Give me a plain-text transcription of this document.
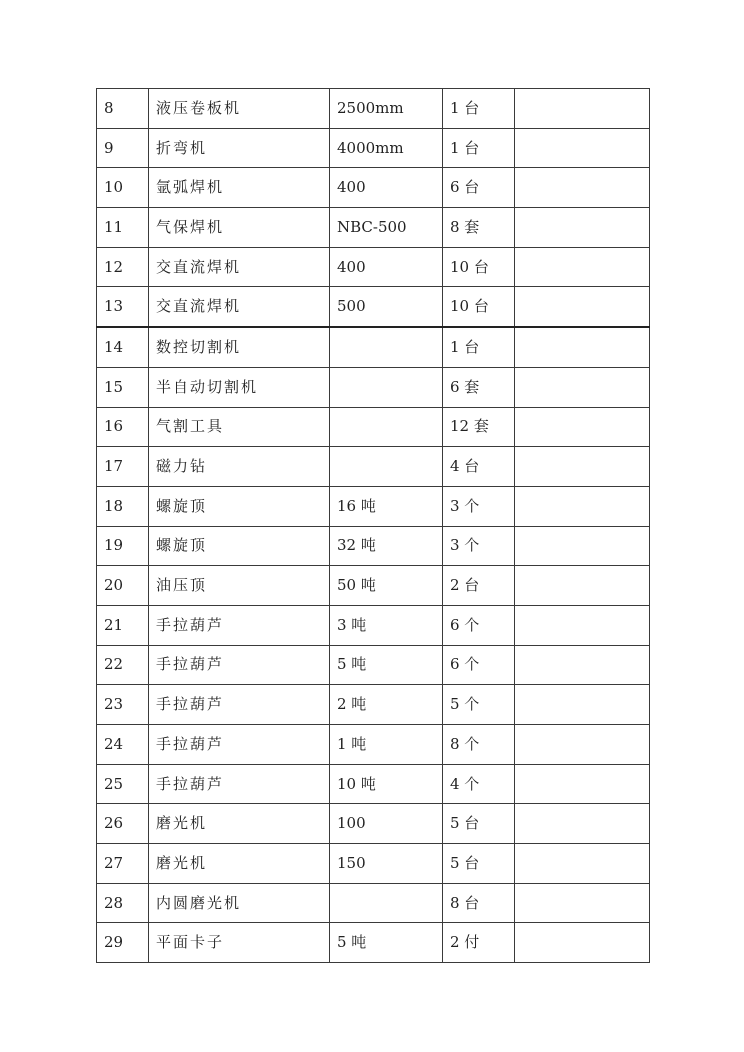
8	液压卷板机	2500mm	1 台	
9	折弯机	4000mm	1 台	
10	氩弧焊机	400	6 台	
11	气保焊机	NBC-500	8 套	
12	交直流焊机	400	10 台	
13	交直流焊机	500	10 台	
14	数控切割机		1 台	
15	半自动切割机		6 套	
16	气割工具		12 套	
17	磁力钻		4 台	
18	螺旋顶	16 吨	3 个	
19	螺旋顶	32 吨	3 个	
20	油压顶	50 吨	2 台	
21	手拉葫芦	3 吨	6 个	
22	手拉葫芦	5 吨	6 个	
23	手拉葫芦	2 吨	5 个	
24	手拉葫芦	1 吨	8 个	
25	手拉葫芦	10 吨	4 个	
26	磨光机	100	5 台	
27	磨光机	150	5 台	
28	内圆磨光机		8 台	
29	平面卡子	5 吨	2 付	
